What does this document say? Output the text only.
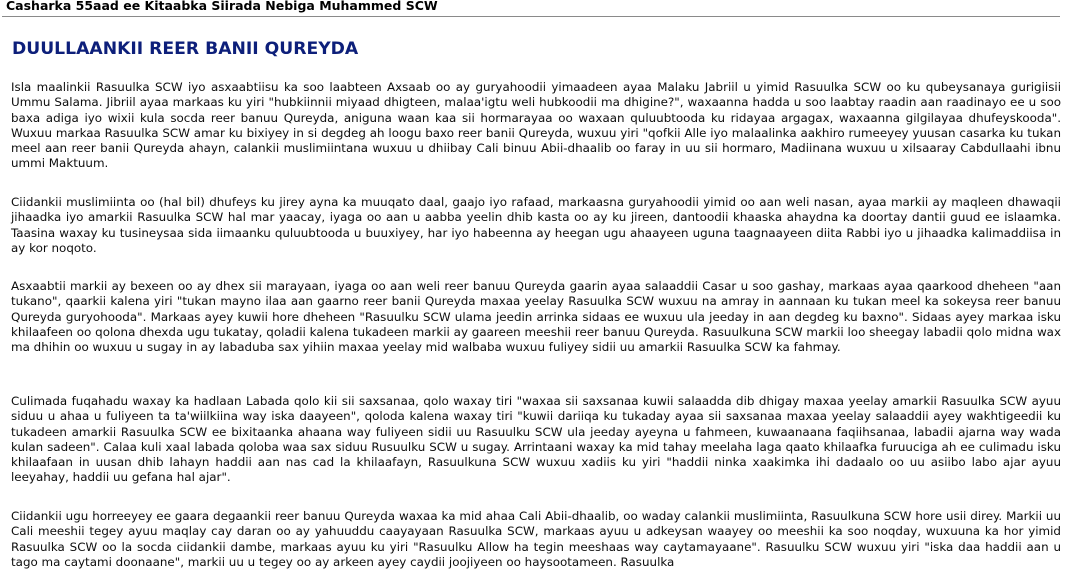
Casharka 55aad ee Kitaabka Siirada Nebiga Muhammed SCW
DUULLAANKII REER BANII QUREYDA

Isla maalinkii Rasuulka SCW iyo asxaabtiisu ka soo laabteen Axsaab oo ay guryahoodii yimaadeen ayaa Malaku Jabriil u yimid Rasuulka SCW oo ku qubeysanaya gurigiisii Ummu Salama. Jibriil ayaa markaas ku yiri "hubkiinnii miyaad dhigteen, malaa'igtu weli hubkoodii ma dhigine?", waxaanna hadda u soo laabtay raadin aan raadinayo ee u soo baxa adiga iyo wixii kula socda reer banuu Qureyda, aniguna waan kaa sii hormarayaa oo waxaan quluubtooda ku ridayaa argagax, waxaanna gilgilayaa dhufeyskooda". Wuxuu markaa Rasuulka SCW amar ku bixiyey in si degdeg ah loogu baxo reer banii Qureyda, wuxuu yiri "qofkii Alle iyo malaalinka aakhiro rumeeyey yuusan casarka ku tukan meel aan reer banii Qureyda ahayn, calankii muslimiintana wuxuu u dhiibay Cali binuu Abii-dhaalib oo faray in uu sii hormaro, Madiinana wuxuu u xilsaaray Cabdullaahi ibnu ummi Maktuum.

Ciidankii muslimiinta oo (hal bil) dhufeys ku jirey ayna ka muuqato daal, gaajo iyo rafaad, markaasna guryahoodii yimid oo aan weli nasan, ayaa markii ay maqleen dhawaqii jihaadka iyo amarkii Rasuulka SCW hal mar yaacay, iyaga oo aan u aabba yeelin dhib kasta oo ay ku jireen, dantoodii khaaska ahaydna ka doortay dantii guud ee islaamka. Taasina waxay ku tusineysaa sida iimaanku quluubtooda u buuxiyey, har iyo habeenna ay heegan ugu ahaayeen uguna taagnaayeen diita Rabbi iyo u jihaadka kalimaddiisa in ay kor noqoto.

Asxaabtii markii ay bexeen oo ay dhex sii marayaan, iyaga oo aan weli reer banuu Qureyda gaarin ayaa salaaddii Casar u soo gashay, markaas ayaa qaarkood dheheen "aan tukano", qaarkii kalena yiri "tukan mayno ilaa aan gaarno reer banii Qureyda maxaa yeelay Rasuulka SCW wuxuu na amray in aannaan ku tukan meel ka sokeysa reer banuu Qureyda guryohooda". Markaas ayey kuwii hore dheheen "Rasuulku SCW ulama jeedin arrinka sidaas ee wuxuu ula jeeday in aan degdeg ku baxno". Sidaas ayey markaa isku khilaafeen oo qolona dhexda ugu tukatay, qoladii kalena tukadeen markii ay gaareen meeshii reer banuu Qureyda. Rasuulkuna SCW markii loo sheegay labadii qolo midna wax ma dhihin oo wuxuu u sugay in ay labaduba sax yihiin maxaa yeelay mid walbaba wuxuu fuliyey sidii uu amarkii Rasuulka SCW ka fahmay.

Culimada fuqahadu waxay ka hadlaan Labada qolo kii sii saxsanaa, qolo waxay tiri "waxaa sii saxsanaa kuwii salaadda dib dhigay maxaa yeelay amarkii Rasuulka SCW ayuu siduu u ahaa u fuliyeen ta ta'wiilkiina way iska daayeen", qoloda kalena waxay tiri "kuwii dariiqa ku tukaday ayaa sii saxsanaa maxaa yeelay salaaddii ayey wakhtigeedii ku tukadeen amarkii Rasuulka SCW ee bixitaanka ahaana way fuliyeen sidii uu Rasuulku SCW ula jeeday ayeyna u fahmeen, kuwaanaana faqiihsanaa, labadii ajarna way wada kulan sadeen". Calaa kuli xaal labada qoloba waa sax siduu Rusuulku SCW u sugay. Arrintaani waxay ka mid tahay meelaha laga qaato khilaafka furuuciga ah ee culimadu isku khilaafaan in uusan dhib lahayn haddii aan nas cad la khilaafayn, Rasuulkuna SCW wuxuu xadiis ku yiri "haddii ninka xaakimka ihi dadaalo oo uu asiibo labo ajar ayuu leeyahay, haddii uu gefana hal ajar".

Ciidankii ugu horreeyey ee gaara degaankii reer banuu Qureyda waxaa ka mid ahaa Cali Abii-dhaalib, oo waday calankii muslimiinta, Rasuulkuna SCW hore usii direy. Markii uu Cali meeshii tegey ayuu maqlay cay daran oo ay yahuuddu caayayaan Rasuulka SCW, markaas ayuu u adkeysan waayey oo meeshii ka soo noqday, wuxuuna ka hor yimid Rasuulka SCW oo la socda ciidankii dambe, markaas ayuu ku yiri "Rasuulku Allow ha tegin meeshaas way caytamayaane". Rasuulku SCW wuxuu yiri "iska daa haddii aan u tago ma caytami doonaane", markii uu u tegey oo ay arkeen ayey caydii joojiyeen oo haysootameen. Rasuulka
